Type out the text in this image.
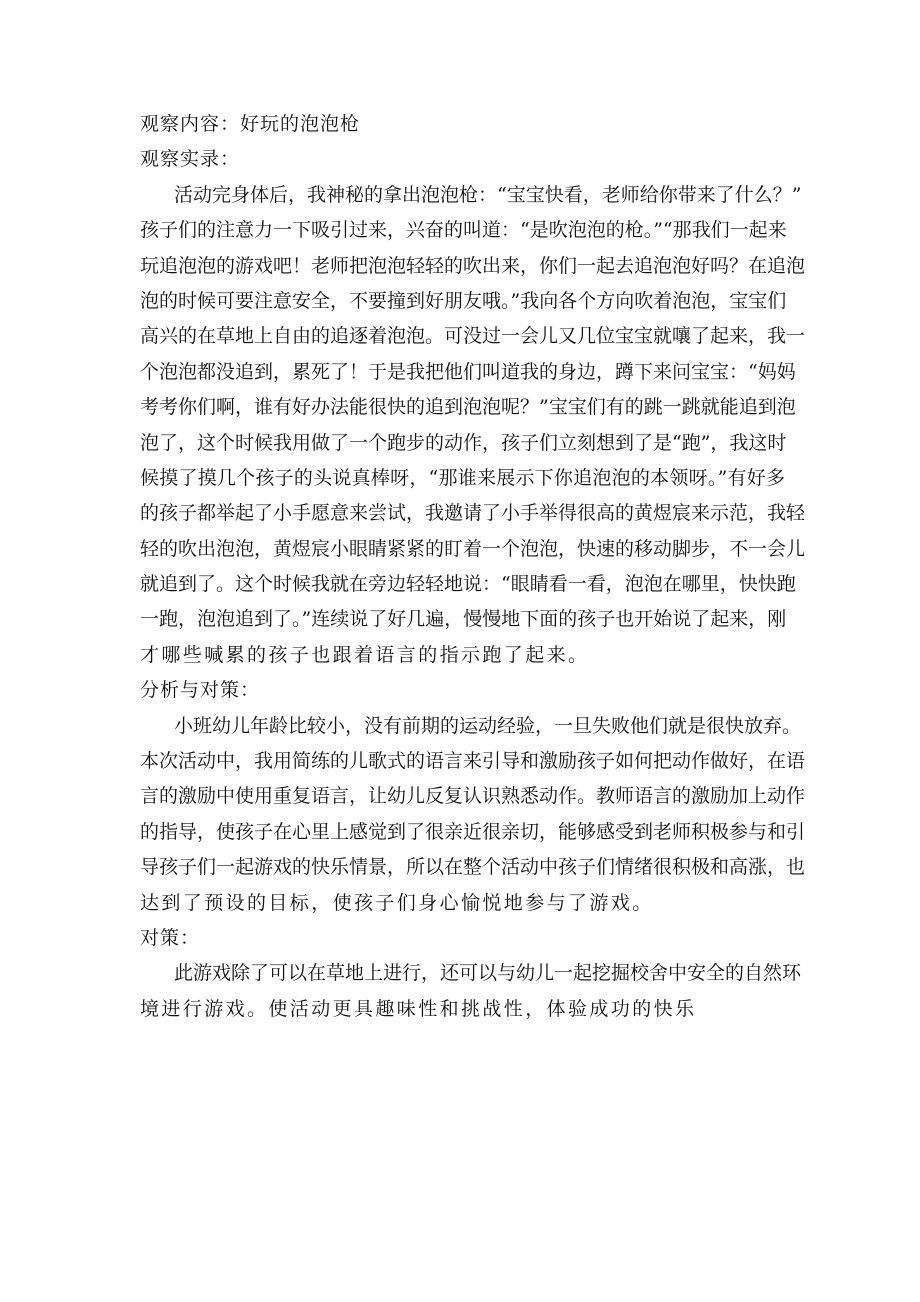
观察内容：好玩的泡泡枪
观察实录：
活动完身体后，我神秘的拿出泡泡枪：“宝宝快看，老师给你带来了什么？”
孩子们的注意力一下吸引过来，兴奋的叫道：“是吹泡泡的枪。”“那我们一起来
玩追泡泡的游戏吧！老师把泡泡轻轻的吹出来，你们一起去追泡泡好吗？在追泡
泡的时候可要注意安全，不要撞到好朋友哦。”我向各个方向吹着泡泡，宝宝们
高兴的在草地上自由的追逐着泡泡。可没过一会儿又几位宝宝就嚷了起来，我一
个泡泡都没追到，累死了！于是我把他们叫道我的身边，蹲下来问宝宝：“妈妈
考考你们啊，谁有好办法能很快的追到泡泡呢？”宝宝们有的跳一跳就能追到泡
泡了，这个时候我用做了一个跑步的动作，孩子们立刻想到了是“跑”，我这时
候摸了摸几个孩子的头说真棒呀，“那谁来展示下你追泡泡的本领呀。”有好多
的孩子都举起了小手愿意来尝试，我邀请了小手举得很高的黄煜宸来示范，我轻
轻的吹出泡泡，黄煜宸小眼睛紧紧的盯着一个泡泡，快速的移动脚步，不一会儿
就追到了。这个时候我就在旁边轻轻地说：“眼睛看一看，泡泡在哪里，快快跑
一跑，泡泡追到了。”连续说了好几遍，慢慢地下面的孩子也开始说了起来，刚
才哪些喊累的孩子也跟着语言的指示跑了起来。
分析与对策：
小班幼儿年龄比较小，没有前期的运动经验，一旦失败他们就是很快放弃。
本次活动中，我用简练的儿歌式的语言来引导和激励孩子如何把动作做好，在语
言的激励中使用重复语言，让幼儿反复认识熟悉动作。教师语言的激励加上动作
的指导，使孩子在心里上感觉到了很亲近很亲切，能够感受到老师积极参与和引
导孩子们一起游戏的快乐情景，所以在整个活动中孩子们情绪很积极和高涨，也
达到了预设的目标，使孩子们身心愉悦地参与了游戏。
对策：
此游戏除了可以在草地上进行，还可以与幼儿一起挖掘校舍中安全的自然环
境进行游戏。使活动更具趣味性和挑战性，体验成功的快乐
